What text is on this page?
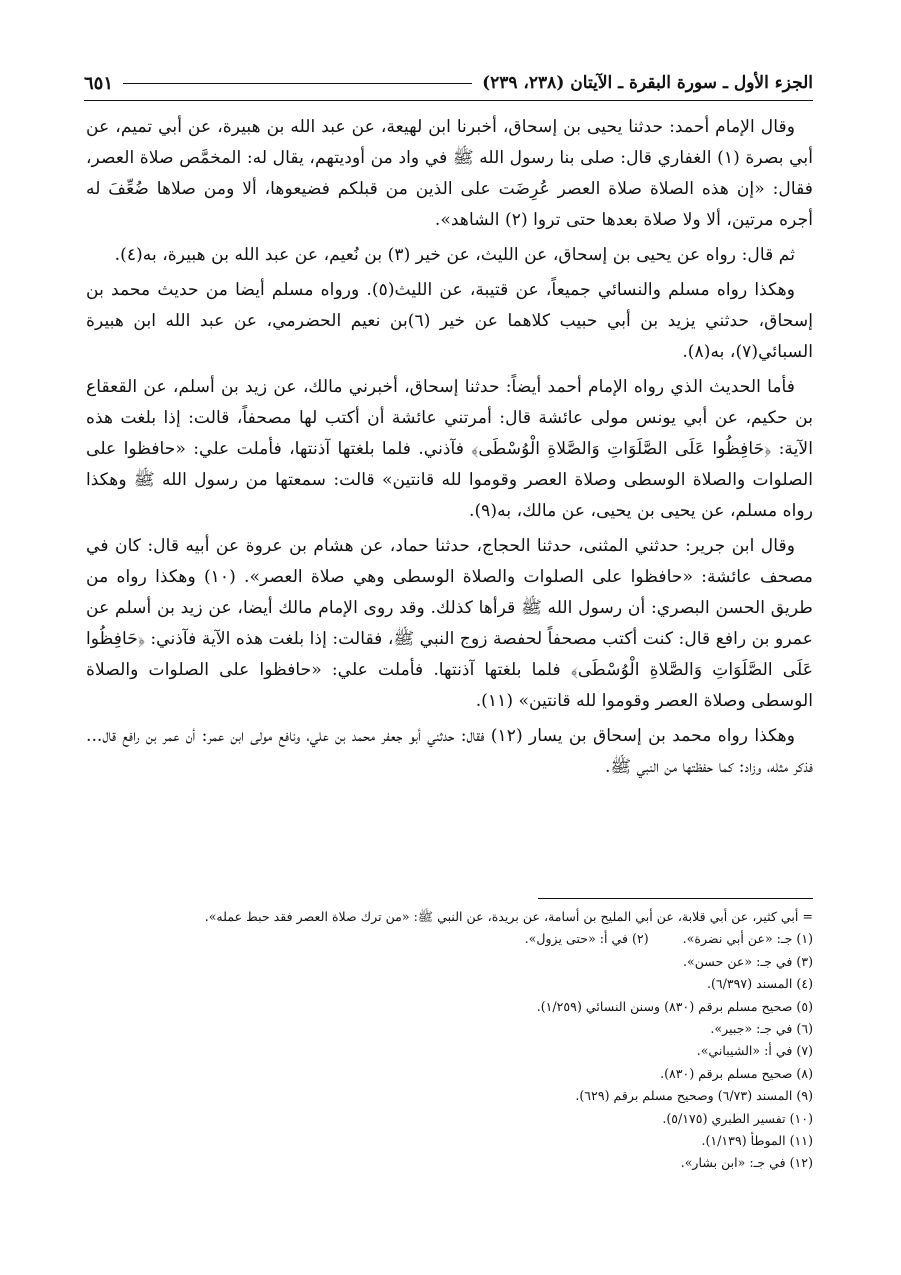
الجزء الأول ـ سورة البقرة ـ الآيتان (٢٣٨، ٢٣٩)
٦٥١

وقال الإمام أحمد: حدثنا يحيى بن إسحاق، أخبرنا ابن لهيعة، عن عبد الله بن هبيرة، عن أبي تميم، عن أبي بصرة (١) الغفاري قال: صلى بنا رسول الله ﷺ في واد من أوديتهم، يقال له: المخمَّص صلاة العصر، فقال: «إن هذه الصلاة صلاة العصر عُرِضَت على الذين من قبلكم فضيعوها، ألا ومن صلاها ضُعِّفَ له أجره مرتين، ألا ولا صلاة بعدها حتى تروا (٢) الشاهد».

ثم قال: رواه عن يحيى بن إسحاق، عن الليث، عن خير (٣) بن نُعيم، عن عبد الله بن هبيرة، به(٤).

وهكذا رواه مسلم والنسائي جميعاً، عن قتيبة، عن الليث(٥). ورواه مسلم أيضا من حديث محمد بن إسحاق، حدثني يزيد بن أبي حبيب كلاهما عن خير (٦)بن نعيم الحضرمي، عن عبد الله ابن هبيرة السبائي(٧)، به(٨).

فأما الحديث الذي رواه الإمام أحمد أيضاً: حدثنا إسحاق، أخبرني مالك، عن زيد بن أسلم، عن القعقاع بن حكيم، عن أبي يونس مولى عائشة قال: أمرتني عائشة أن أكتب لها مصحفاً، قالت: إذا بلغت هذه الآية: ﴿حَافِظُوا عَلَى الصَّلَوَاتِ وَالصَّلاةِ الْوُسْطَى﴾ فآذني. فلما بلغتها آذنتها، فأملت علي: «حافظوا على الصلوات والصلاة الوسطى وصلاة العصر وقوموا لله قانتين» قالت: سمعتها من رسول الله ﷺ وهكذا رواه مسلم، عن يحيى بن يحيى، عن مالك، به(٩).

وقال ابن جرير: حدثني المثنى، حدثنا الحجاج، حدثنا حماد، عن هشام بن عروة عن أبيه قال: كان في مصحف عائشة: «حافظوا على الصلوات والصلاة الوسطى وهي صلاة العصر». (١٠) وهكذا رواه من طريق الحسن البصري: أن رسول الله ﷺ قرأها كذلك. وقد روى الإمام مالك أيضا، عن زيد بن أسلم عن عمرو بن رافع قال: كنت أكتب مصحفاً لحفصة زوج النبي ﷺ، فقالت: إذا بلغت هذه الآية فآذني: ﴿حَافِظُوا عَلَى الصَّلَوَاتِ وَالصَّلاةِ الْوُسْطَى﴾ فلما بلغتها آذنتها. فأملت علي: «حافظوا على الصلوات والصلاة الوسطى وصلاة العصر وقوموا لله قانتين» (١١).

وهكذا رواه محمد بن إسحاق بن يسار (١٢) فقال: حدثني أبو جعفر محمد بن علي، ونافع مولى ابن عمر: أن عمر بن رافع قال... فذكر مثله، وزاد: كما حفظتها من النبي ﷺ.

= أبي كثير، عن أبي قلابة، عن أبي المليح بن أسامة، عن بريدة، عن النبي ﷺ: «من ترك صلاة العصر فقد حبط عمله».
(١) جـ: «عن أبي نضرة».
(٢) في أ: «حتى يزول».
(٣) في جـ: «عن حسن».
(٤) المسند (٦/٣٩٧).
(٥) صحيح مسلم برقم (٨٣٠) وسنن النسائي (١/٢٥٩).
(٦) في جـ: «جبير».
(٧) في أ: «الشيباني».
(٨) صحيح مسلم برقم (٨٣٠).
(٩) المسند (٦/٧٣) وصحيح مسلم برقم (٦٢٩).
(١٠) تفسير الطبري (٥/١٧٥).
(١١) الموطأ (١/١٣٩).
(١٢) في جـ: «ابن بشار».
